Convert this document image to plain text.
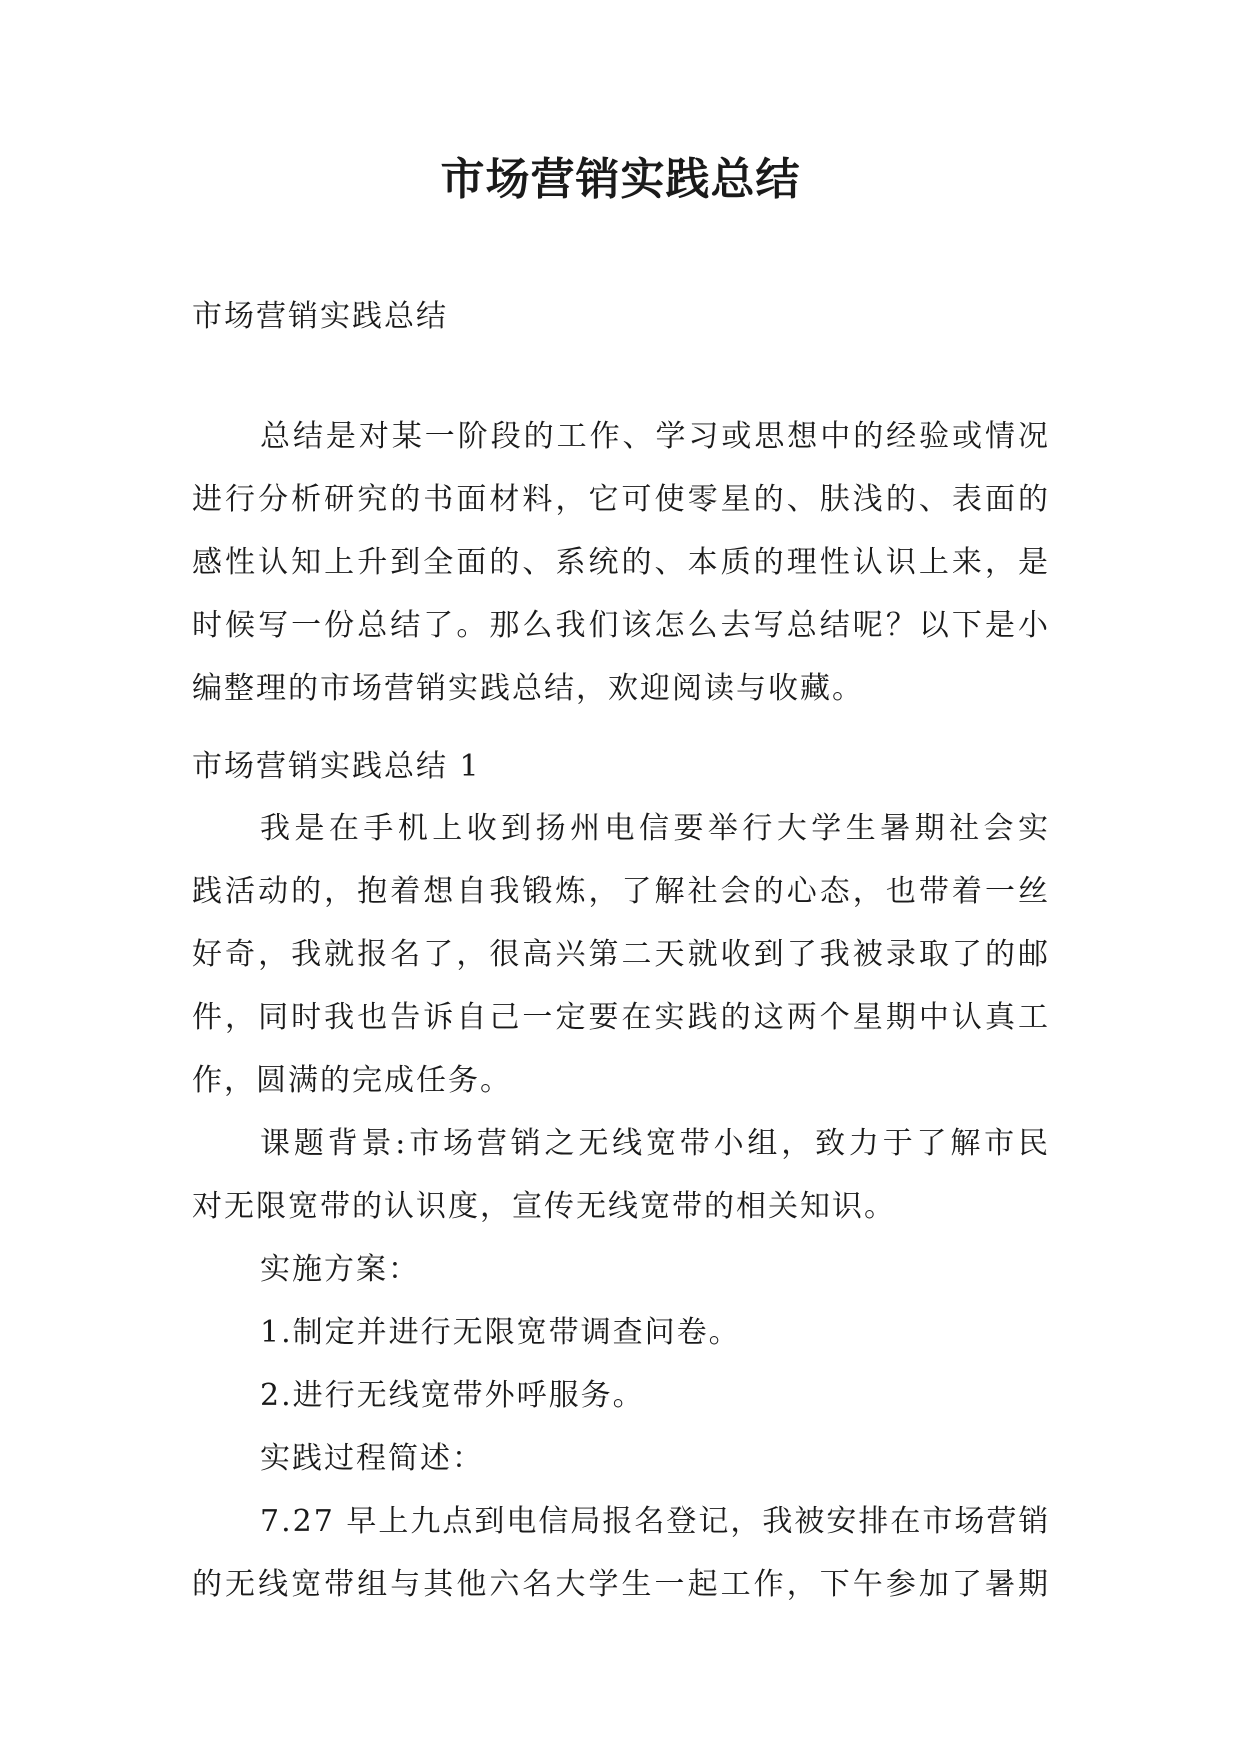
市场营销实践总结
市场营销实践总结
总结是对某一阶段的工作、学习或思想中的经验或情况
进行分析研究的书面材料，它可使零星的、肤浅的、表面的
感性认知上升到全面的、系统的、本质的理性认识上来，是
时候写一份总结了。那么我们该怎么去写总结呢？以下是小
编整理的市场营销实践总结，欢迎阅读与收藏。
市场营销实践总结 1
我是在手机上收到扬州电信要举行大学生暑期社会实
践活动的，抱着想自我锻炼，了解社会的心态，也带着一丝
好奇，我就报名了，很高兴第二天就收到了我被录取了的邮
件，同时我也告诉自己一定要在实践的这两个星期中认真工
作，圆满的完成任务。
课题背景:市场营销之无线宽带小组，致力于了解市民
对无限宽带的认识度，宣传无线宽带的相关知识。
实施方案：
1.制定并进行无限宽带调查问卷。
2.进行无线宽带外呼服务。
实践过程简述：
7.27 早上九点到电信局报名登记，我被安排在市场营销
的无线宽带组与其他六名大学生一起工作，下午参加了暑期
